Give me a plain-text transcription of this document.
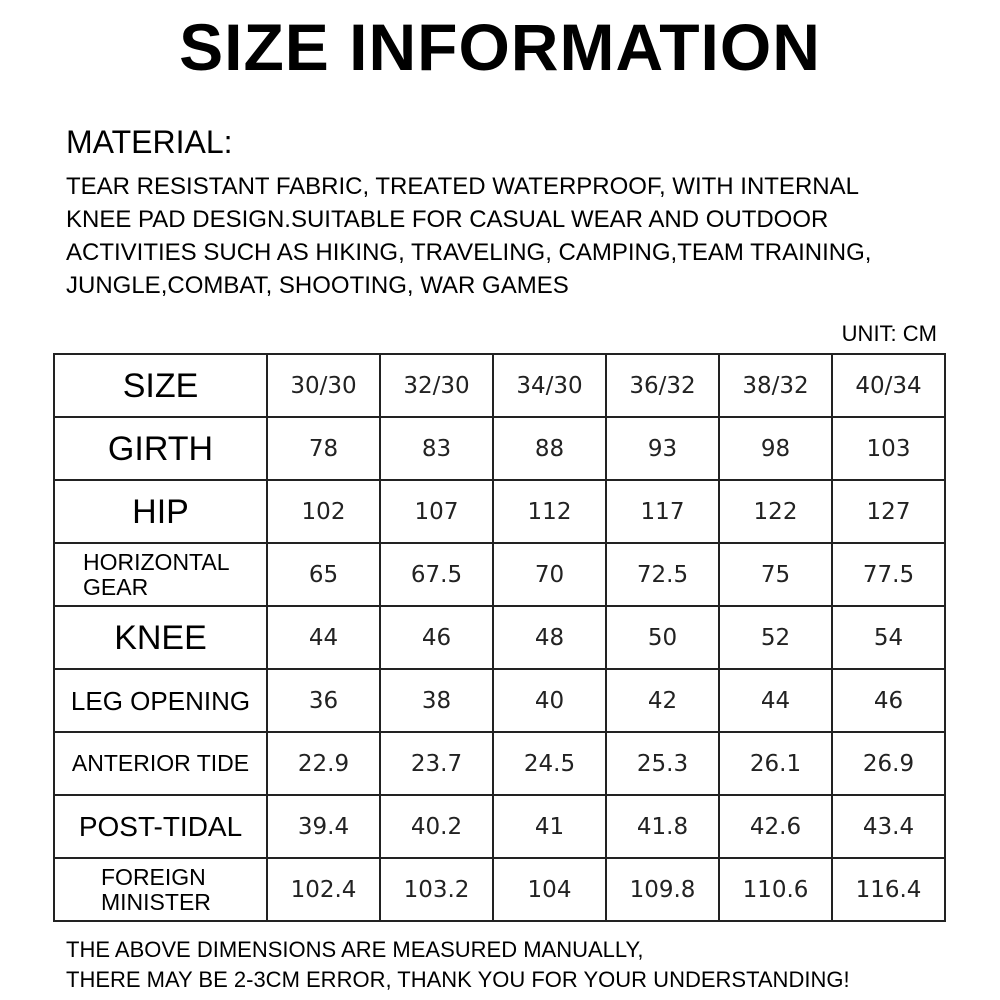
SIZE INFORMATION
MATERIAL:
TEAR RESISTANT FABRIC, TREATED WATERPROOF, WITH INTERNAL
KNEE PAD DESIGN.SUITABLE FOR CASUAL WEAR AND OUTDOOR
ACTIVITIES SUCH AS HIKING, TRAVELING, CAMPING,TEAM TRAINING,
JUNGLE,COMBAT, SHOOTING, WAR GAMES
UNIT: CM
SIZE	30/30	32/30	34/30	36/32	38/32	40/34
GIRTH	78	83	88	93	98	103
HIP	102	107	112	117	122	127

HORIZONTAL
GEAR	65	67.5	70	72.5	75	77.5
KNEE	44	46	48	50	52	54
LEG OPENING	36	38	40	42	44	46
ANTERIOR TIDE	22.9	23.7	24.5	25.3	26.1	26.9
POST-TIDAL	39.4	40.2	41	41.8	42.6	43.4

FOREIGN
MINISTER	102.4	103.2	104	109.8	110.6	116.4
THE ABOVE DIMENSIONS ARE MEASURED MANUALLY,
THERE MAY BE 2-3CM ERROR, THANK YOU FOR YOUR UNDERSTANDING!
